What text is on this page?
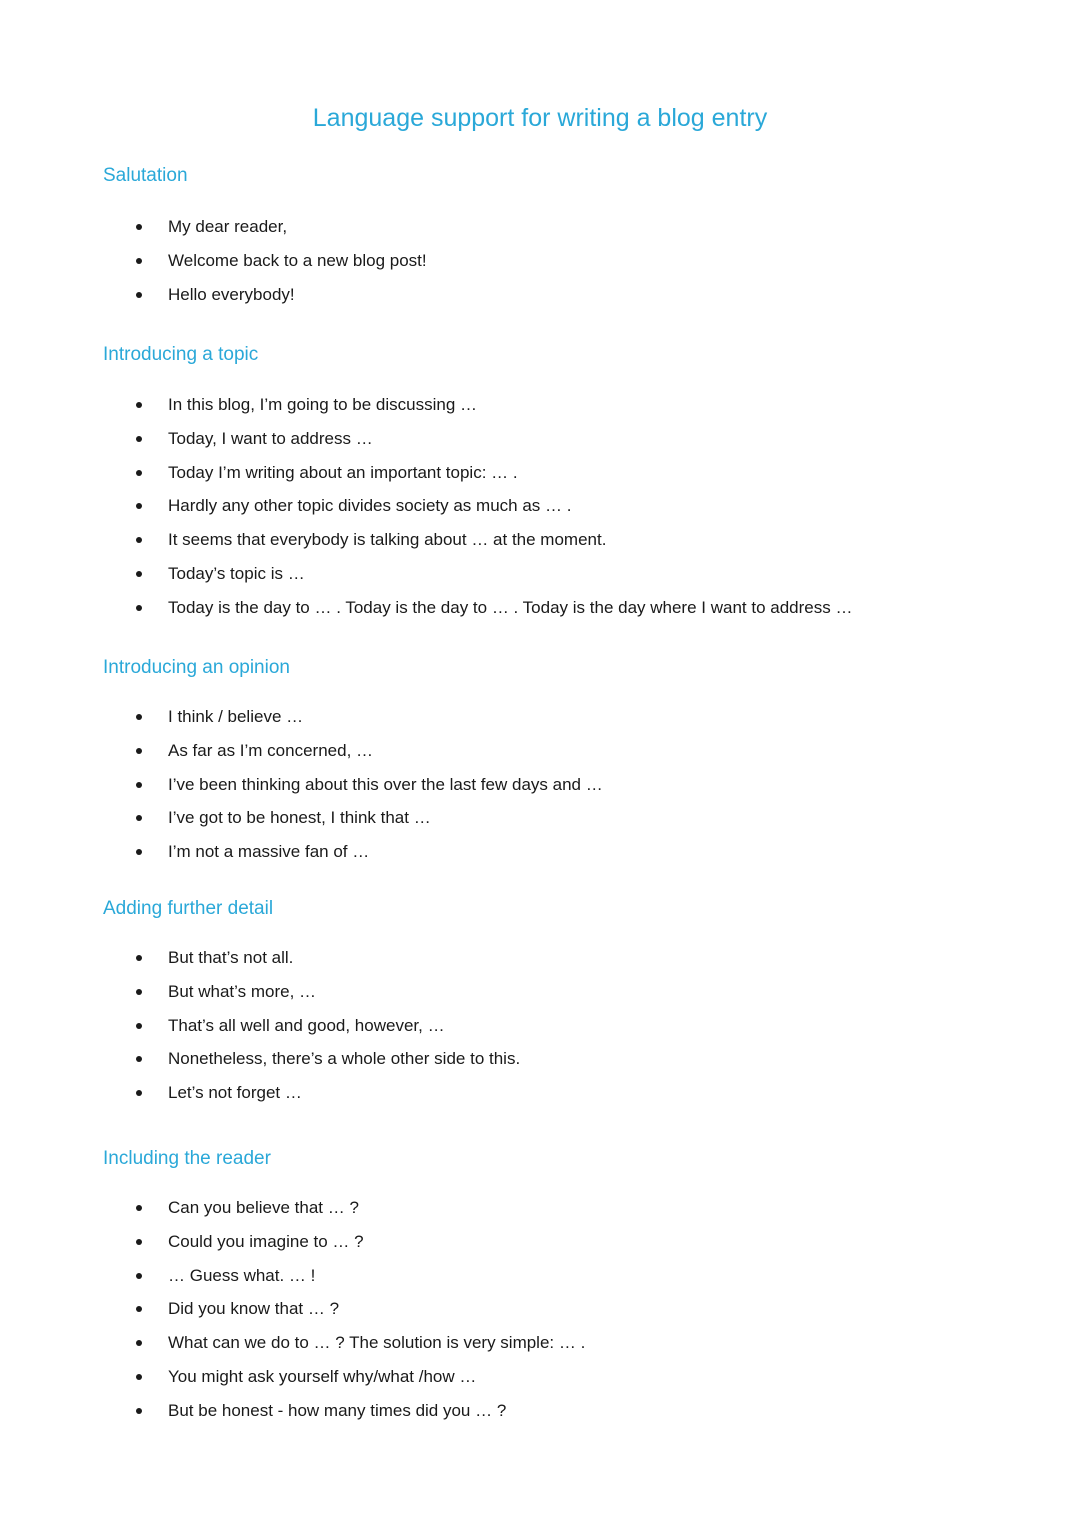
Language support for writing a blog entry
Salutation
My dear reader,
Welcome back to a new blog post!
Hello everybody!
Introducing a topic
In this blog, I’m going to be discussing …
Today, I want to address …
Today I’m writing about an important topic: … .
Hardly any other topic divides society as much as … .
It seems that everybody is talking about … at the moment.
Today’s topic is …
Today is the day to … . Today is the day to … . Today is the day where I want to address …
Introducing an opinion
I think / believe …
As far as I’m concerned, …
I’ve been thinking about this over the last few days and …
I’ve got to be honest, I think that …
I’m not a massive fan of …
Adding further detail
But that’s not all.
But what’s more, …
That’s all well and good, however, …
Nonetheless, there’s a whole other side to this.
Let’s not forget …
Including the reader
Can you believe that … ?
Could you imagine to … ?
… Guess what. … !
Did you know that … ?
What can we do to … ? The solution is very simple: … .
You might ask yourself why/what /how …
But be honest - how many times did you … ?
